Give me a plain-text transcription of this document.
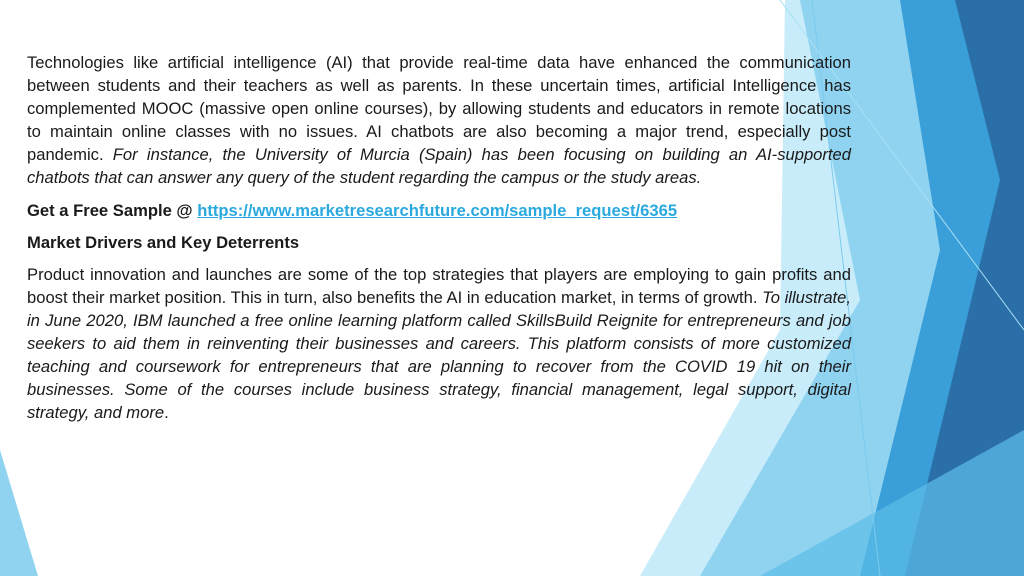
Technologies like artificial intelligence (AI) that provide real-time data have enhanced the communication between students and their teachers as well as parents. In these uncertain times, artificial Intelligence has complemented MOOC (massive open online courses), by allowing students and educators in remote locations to maintain online classes with no issues. AI chatbots are also becoming a major trend, especially post pandemic. For instance, the University of Murcia (Spain) has been focusing on building an AI-supported chatbots that can answer any query of the student regarding the campus or the study areas.

Get a Free Sample @ https://www.marketresearchfuture.com/sample_request/6365

Market Drivers and Key Deterrents

Product innovation and launches are some of the top strategies that players are employing to gain profits and boost their market position. This in turn, also benefits the AI in education market, in terms of growth. To illustrate, in June 2020, IBM launched a free online learning platform called SkillsBuild Reignite for entrepreneurs and job seekers to aid them in reinventing their businesses and careers. This platform consists of more customized teaching and coursework for entrepreneurs that are planning to recover from the COVID 19 hit on their businesses. Some of the courses include business strategy, financial management, legal support, digital strategy, and more.
